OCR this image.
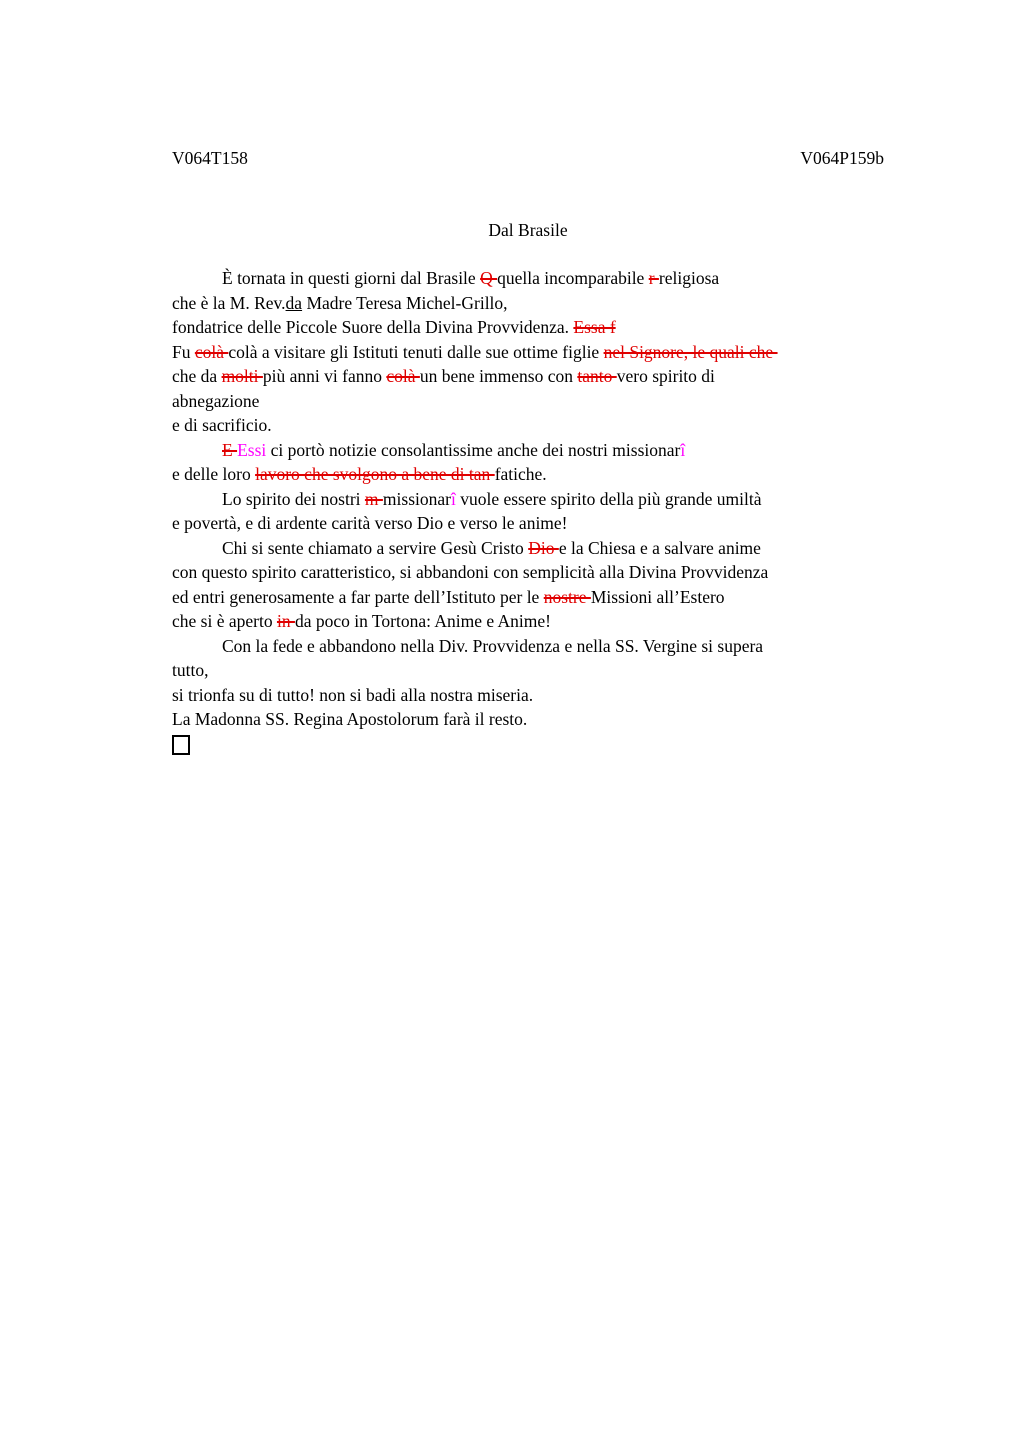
V064T158	V064P159b
Dal Brasile
È tornata in questi giorni dal Brasile Q quella incomparabile r religiosa
che è la M. Rev.da Madre Teresa Michel-Grillo,
fondatrice delle Piccole Suore della Divina Provvidenza. Essa f
Fu colà colà a visitare gli Istituti tenuti dalle sue ottime figlie nel Signore, le quali che
che da molti più anni vi fanno colà un bene immenso con tanto vero spirito di
abnegazione
e di sacrificio.
E Essi ci portò notizie consolantissime anche dei nostri missionarî
e delle loro lavoro che svolgono a bene di tan fatiche.
Lo spirito dei nostri m missionarî vuole essere spirito della più grande umiltà
e povertà, e di ardente carità verso Dio e verso le anime!
Chi si sente chiamato a servire Gesù Cristo Dio e la Chiesa e a salvare anime
con questo spirito caratteristico, si abbandoni con semplicità alla Divina Provvidenza
ed entri generosamente a far parte dell’Istituto per le nostre Missioni all’Estero
che si è aperto in da poco in Tortona: Anime e Anime!
Con la fede e abbandono nella Div. Provvidenza e nella SS. Vergine si supera
tutto,
si trionfa su di tutto! non si badi alla nostra miseria.
La Madonna SS. Regina Apostolorum farà il resto.
